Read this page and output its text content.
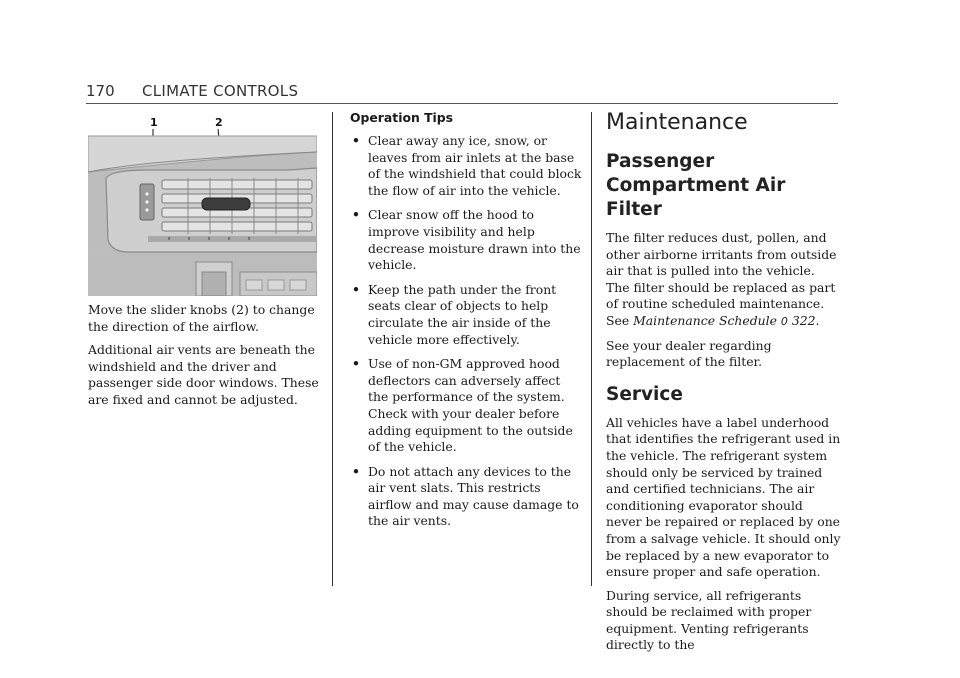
170 CLIMATE CONTROLS
1	2

Move the slider knobs (2) to change the direction of the airflow.

Additional air vents are beneath the windshield and the driver and passenger side door windows. These are fixed and cannot be adjusted.

Operation Tips
• Clear away any ice, snow, or leaves from air inlets at the base of the windshield that could block the flow of air into the vehicle.
• Clear snow off the hood to improve visibility and help decrease moisture drawn into the vehicle.
• Keep the path under the front seats clear of objects to help circulate the air inside of the vehicle more effectively.
• Use of non-GM approved hood deflectors can adversely affect the performance of the system. Check with your dealer before adding equipment to the outside of the vehicle.
• Do not attach any devices to the air vent slats. This restricts airflow and may cause damage to the air vents.
Maintenance
Passenger Compartment Air Filter

The filter reduces dust, pollen, and other airborne irritants from outside air that is pulled into the vehicle. The filter should be replaced as part of routine scheduled maintenance. See Maintenance Schedule 0 322.

See your dealer regarding replacement of the filter.

Service

All vehicles have a label underhood that identifies the refrigerant used in the vehicle. The refrigerant system should only be serviced by trained and certified technicians. The air conditioning evaporator should never be repaired or replaced by one from a salvage vehicle. It should only be replaced by a new evaporator to ensure proper and safe operation.

During service, all refrigerants should be reclaimed with proper equipment. Venting refrigerants directly to the
